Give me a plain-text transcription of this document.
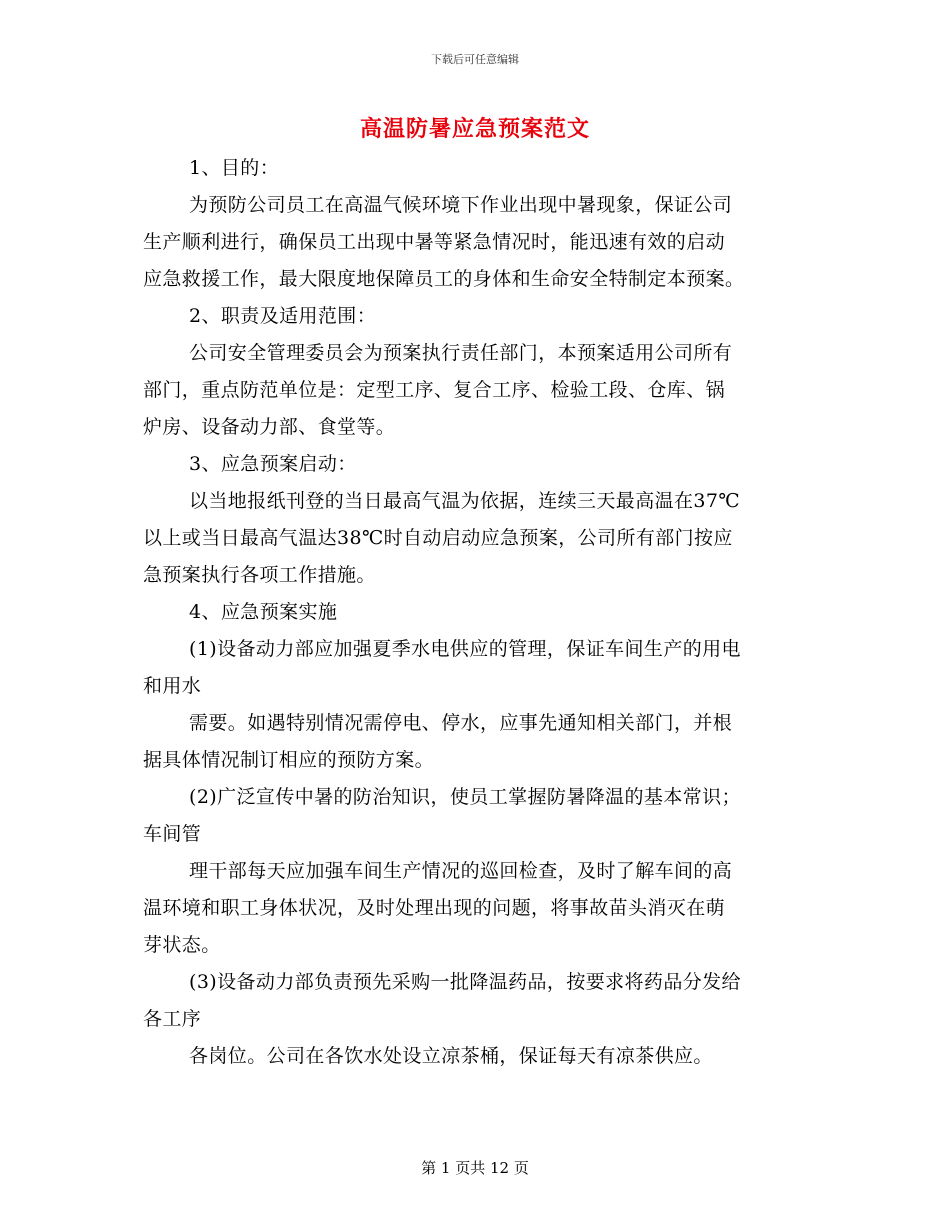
下载后可任意编辑
高温防暑应急预案范文

1、目的：

为预防公司员工在高温气候环境下作业出现中暑现象，保证公司

生产顺利进行，确保员工出现中暑等紧急情况时，能迅速有效的启动

应急救援工作，最大限度地保障员工的身体和生命安全特制定本预案。

2、职责及适用范围：

公司安全管理委员会为预案执行责任部门，本预案适用公司所有

部门，重点防范单位是：定型工序、复合工序、检验工段、仓库、锅

炉房、设备动力部、食堂等。

3、应急预案启动：

以当地报纸刊登的当日最高气温为依据，连续三天最高温在37℃

以上或当日最高气温达38℃时自动启动应急预案，公司所有部门按应

急预案执行各项工作措施。

4、应急预案实施

(1)设备动力部应加强夏季水电供应的管理，保证车间生产的用电

和用水

需要。如遇特别情况需停电、停水，应事先通知相关部门，并根

据具体情况制订相应的预防方案。

(2)广泛宣传中暑的防治知识，使员工掌握防暑降温的基本常识；

车间管

理干部每天应加强车间生产情况的巡回检查，及时了解车间的高

温环境和职工身体状况，及时处理出现的问题，将事故苗头消灭在萌

芽状态。

(3)设备动力部负责预先采购一批降温药品，按要求将药品分发给

各工序

各岗位。公司在各饮水处设立凉茶桶，保证每天有凉茶供应。

第 1 页共 12 页
